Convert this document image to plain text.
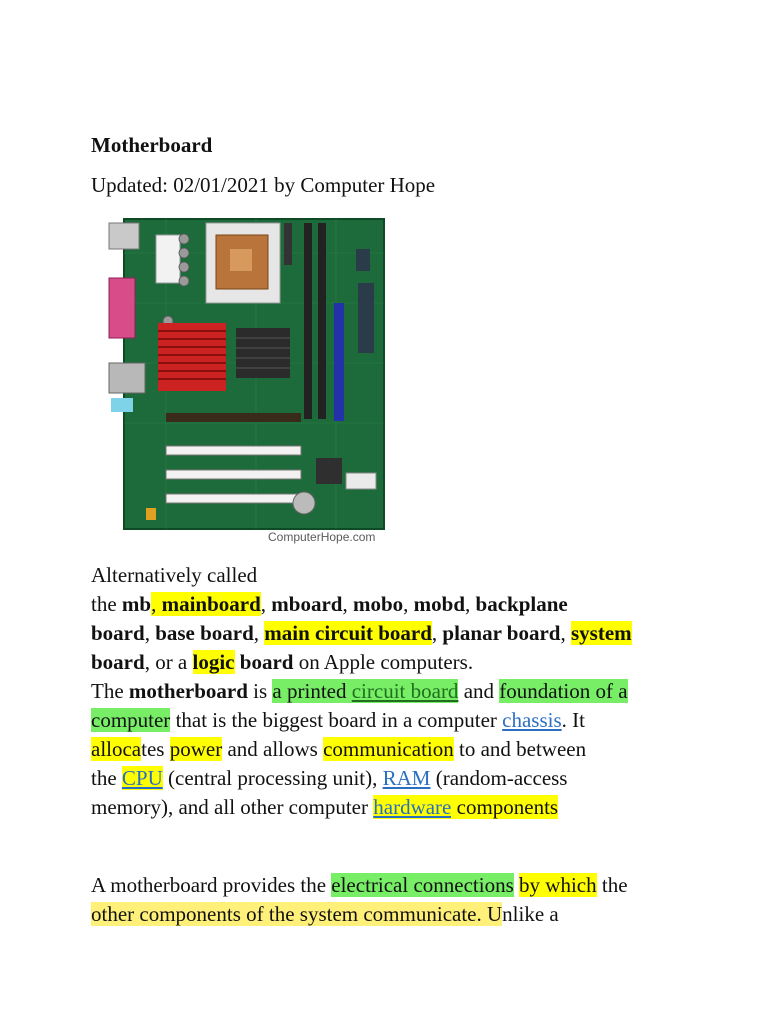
Motherboard

Updated: 02/01/2021 by Computer Hope

ComputerHope.com

Alternatively called
the mb, mainboard, mboard, mobo, mobd, backplane
board, base board, main circuit board, planar board, system
board, or a logic board on Apple computers.
The motherboard is a printed circuit board and foundation of a
computer that is the biggest board in a computer chassis. It
allocates power and allows communication to and between
the CPU (central processing unit), RAM (random-access
memory), and all other computer hardware components

A motherboard provides the electrical connections by which the
other components of the system communicate. Unlike a
